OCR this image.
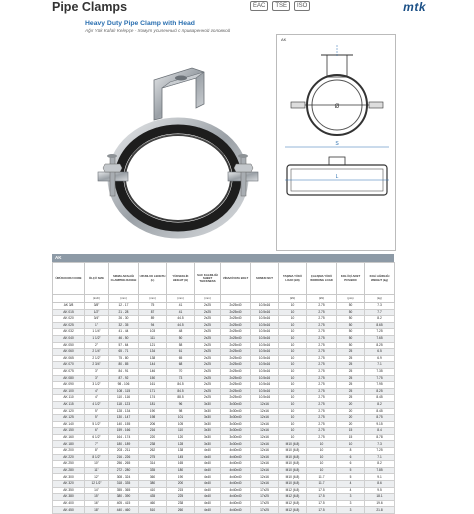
Pipe Clamps	EAC	TSE	ISO	mtk
Heavy Duty Pipe Clamp with Head
Ağır Yük Kafalı Kelepçe - Хомут усиленный с приваренной головкой
AK
Ø
S
L
AK
ÜRÜN KODU CODE	ÖLÇÜ SIZE	SIKMA ARALIĞI CLAMPING RANGE	UZUNLUK LENGTH (L)	YÜKSEKLİK HEIGHT (H)	SAC KALINLIĞI SHEET THICKNESS	VİDA/CİVATA BOLT	SOMUN NUT	TAŞIMA YÜKÜ LOAD (kN)	ÇALIŞMA YÜKÜ WORKING LOAD	KOLİ İÇİ ADET PCS/BOX	KOLİ AĞIRLIĞI WEIGHT (kg)
	(inch)	(mm)	(mm)	(mm)	(mm)			(kN)	(kN)	(pcs)	(kg)
AK 3/8	3/8"	12 - 17	75	41	2x25	2x25x40	10.5x16	10	2.75	50	7.3
AK 015	1/2"	21 - 28	87	41	2x25	2x25x40	10.5x16	10	2.75	50	7.7
AK 020	3/4"	26 - 30	89	44.5	2x25	2x25x40	10.5x16	10	2.75	50	8.2
AK 025	1"	32 - 35	94	44.5	2x25	2x25x40	10.5x16	10	2.75	50	8.65
AK 032	1 1/4"	41 - 44	103	48	2x25	2x25x40	10.5x16	10	2.75	50	7.25
AK 040	1 1/2"	46 - 50	111	50	2x25	2x25x40	10.5x16	10	2.75	50	7.65
AK 050	2"	57 - 64	121	58	2x25	2x25x40	10.5x16	10	2.75	50	8.25
AK 060	2 1/4"	65 - 71	134	61	2x25	2x25x40	10.5x16	10	2.75	25	6.5
AK 065	2 1/2"	75 - 80	138	65	2x25	2x25x40	10.5x16	10	2.75	25	6.9
AK 070	2 3/4"	80 - 85	144	68	2x25	2x25x40	10.5x16	10	2.75	25	7.1
AK 075	3"	84 - 91	146	70	2x25	2x25x40	10.5x16	10	2.75	25	7.35
AK 080	3"	87 - 92	150	73	2x25	2x25x40	10.5x16	10	2.75	25	7.75
AK 090	3 1/2"	98 - 106	161	84.5	2x25	2x25x40	10.5x16	10	2.75	25	7.95
AK 100	4"	108 - 115	171	84.5	2x25	2x25x40	10.5x16	10	2.75	25	8.25
AK 110	4"	110 - 116	174	88.5	2x25	2x25x40	10.5x16	10	2.75	25	8.45
AK 115	4 1/2"	118 - 123	181	96	3x30	3x30x40	12x16	10	2.75	20	8.2
AK 120	5"	128 - 134	190	98	3x30	3x30x40	12x16	10	2.75	20	8.45
AK 125	5"	130 - 147	198	101	3x30	3x30x40	12x16	10	2.75	20	8.75
AK 140	5 1/2"	140 - 155	206	105	3x30	3x30x40	12x16	10	2.75	20	9.15
AK 150	6"	159 - 166	216	110	3x30	3x30x40	12x16	10	2.75	15	8.4
AK 160	6 1/2"	164 - 174	220	120	3x30	3x30x40	12x16	10	2.75	15	8.78
AK 180	7"	180 - 189	238	128	3x30	3x30x40	12x16	M10 (6.8)	10	10	7.3
AK 200	8"	203 - 211	262	138	4x40	4x40x40	12x16	M10 (6.8)	10	8	7.25
AK 220	8 1/2"	216 - 226	275	145	4x40	4x40x40	12x16	M10 (6.8)	10	6	7.1
AK 250	10"	256 - 265	314	165	4x40	4x40x40	12x16	M10 (6.8)	10	6	8.2
AK 280	11"	272 - 280	335	180	4x40	4x40x40	12x16	M10 (6.8)	10	5	7.85
AK 300	12"	308 - 324	360	190	4x40	4x40x40	12x16	M10 (6.8)	11.7	5	9.1
AK 320	12 1/2"	318 - 335	380	200	4x40	4x40x40	12x16	M10 (6.8)	11.7	4	8.6
AK 350	14"	355 - 365	410	215	4x40	4x40x40	17x25	M12 (6.8)	17.5	4	9.5
AK 380	15"	380 - 390	435	225	4x40	4x40x40	17x25	M12 (6.8)	17.5	3	18.1
AK 400	16"	405 - 415	460	238	4x40	4x40x40	17x25	M12 (6.8)	17.5	3	19.6
AK 450	18"	440 - 460	510	260	4x40	4x40x40	17x25	M12 (6.8)	17.5	3	21.8
